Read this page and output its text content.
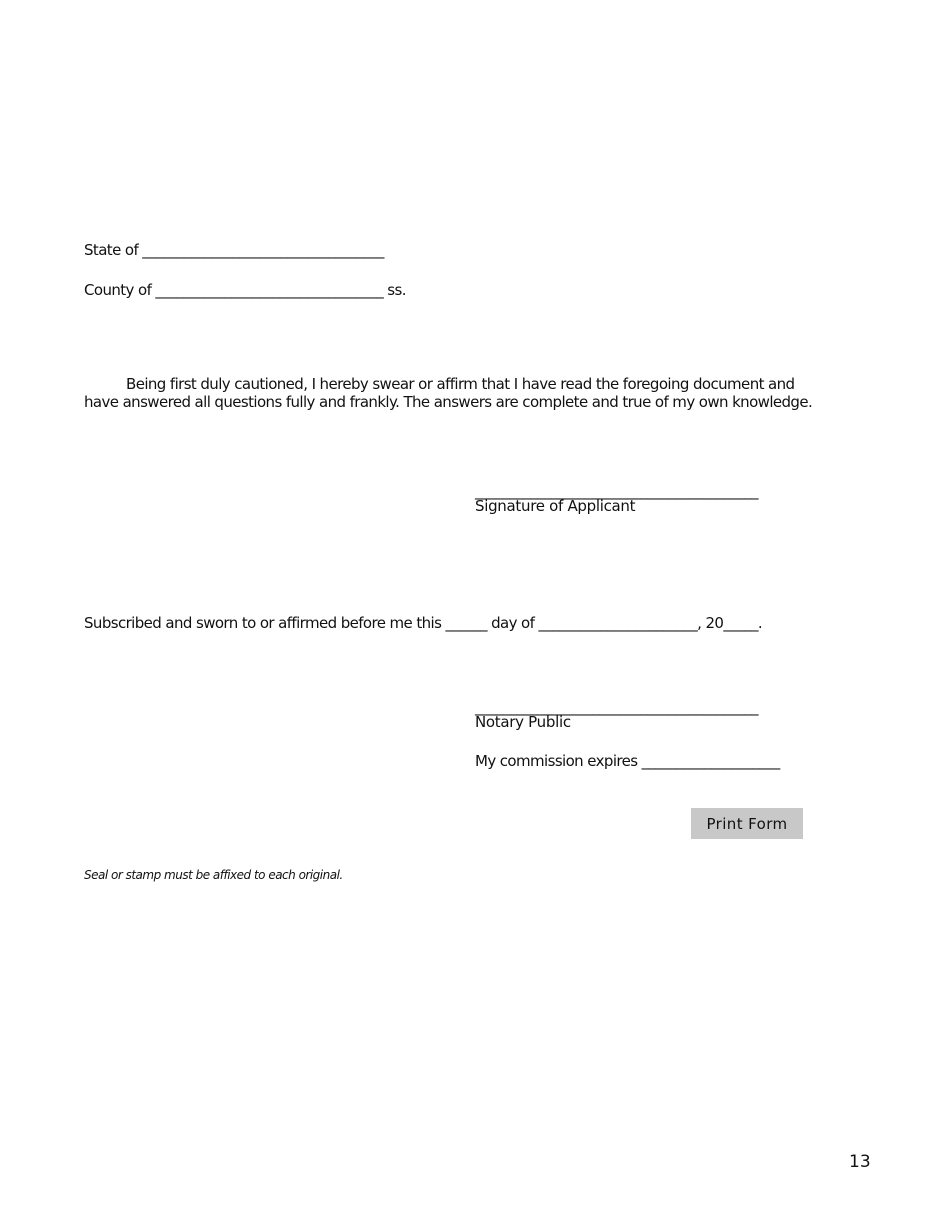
State of ___________________________________
County of _________________________________ ss.

Being first duly cautioned, I hereby swear or affirm that I have read the foregoing document and have answered all questions fully and frankly. The answers are complete and true of my own knowledge.

_________________________________________
Signature of Applicant
Subscribed and sworn to or affirmed before me this ______ day of _______________________, 20_____.
_________________________________________
Notary Public
My commission expires ____________________
Print Form
Seal or stamp must be affixed to each original.
13
